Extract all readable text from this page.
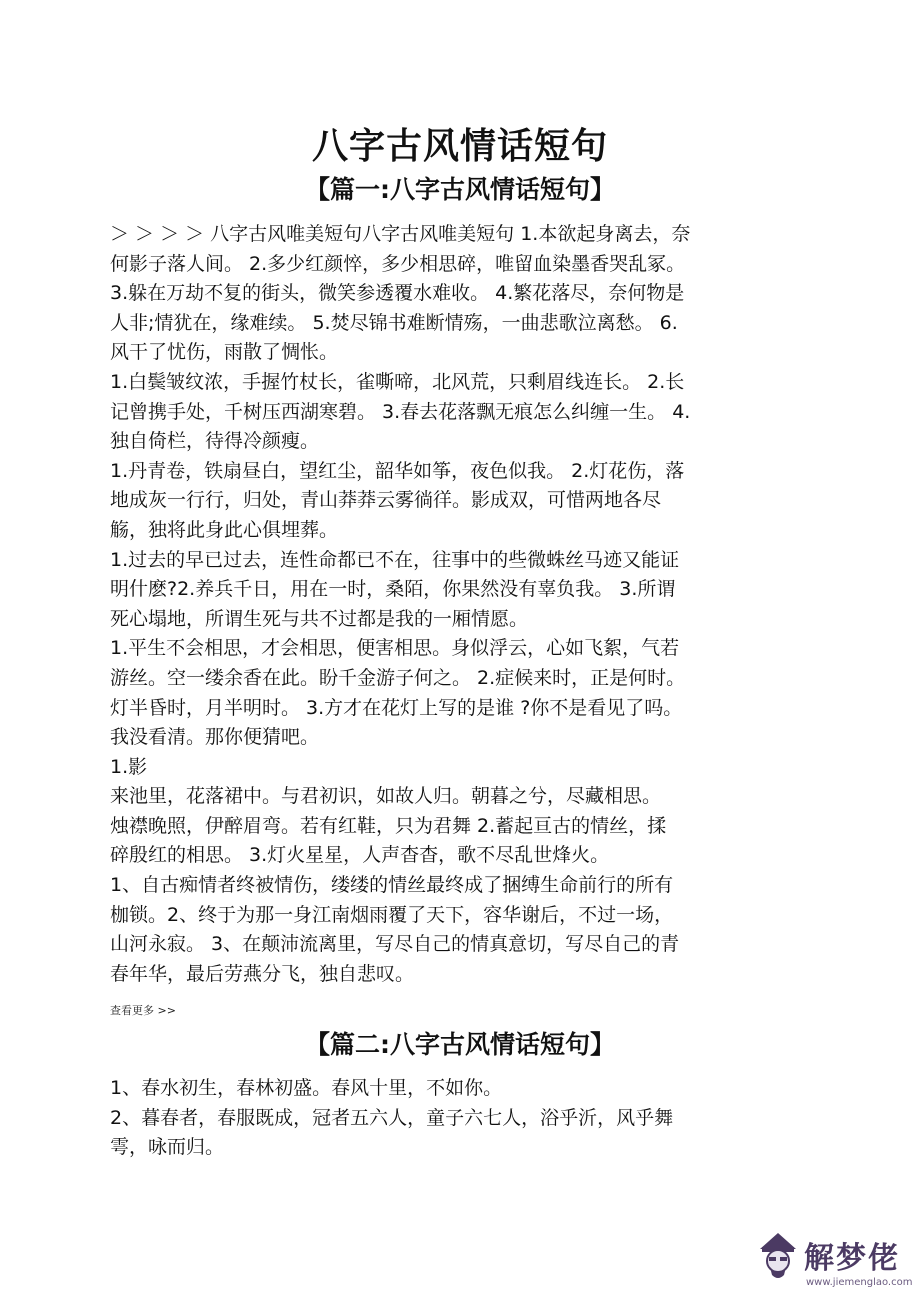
八字古风情话短句
【篇一:八字古风情话短句】
＞ ＞ ＞ ＞ 八字古风唯美短句八字古风唯美短句 1.本欲起身离去，奈
何影子落人间。 2.多少红颜悴，多少相思碎，唯留血染墨香哭乱冢。
3.躲在万劫不复的街头，微笑参透覆水难收。 4.繁花落尽，奈何物是
人非;情犹在，缘难续。 5.焚尽锦书难断情殇，一曲悲歌泣离愁。 6.
风干了忧伤，雨散了惆怅。
1.白鬓皱纹浓，手握竹杖长，雀嘶啼，北风荒，只剩眉线连长。 2.长
记曾携手处，千树压西湖寒碧。 3.春去花落飘无痕怎么纠缠一生。 4.
独自倚栏，待得冷颜瘦。
1.丹青卷，铁扇昼白，望红尘，韶华如筝，夜色似我。 2.灯花伤，落
地成灰一行行，归处，青山莽莽云雾徜徉。影成双，可惜两地各尽
觞，独将此身此心俱埋葬。
1.过去的早已过去，连性命都已不在，往事中的些微蛛丝马迹又能证
明什麽?2.养兵千日，用在一时，桑陌，你果然没有辜负我。 3.所谓
死心塌地，所谓生死与共不过都是我的一厢情愿。
1.平生不会相思，才会相思，便害相思。身似浮云，心如飞絮，气若
游丝。空一缕余香在此。盼千金游子何之。 2.症候来时，正是何时。
灯半昏时，月半明时。 3.方才在花灯上写的是谁 ?你不是看见了吗。
我没看清。那你便猜吧。
1.影
来池里，花落裙中。与君初识，如故人归。朝暮之兮，尽藏相思。
烛襟晚照，伊醉眉弯。若有红鞋，只为君舞 2.蓄起亘古的情丝，揉
碎殷红的相思。 3.灯火星星，人声杳杳，歌不尽乱世烽火。
1、自古痴情者终被情伤，缕缕的情丝最终成了捆缚生命前行的所有
枷锁。2、终于为那一身江南烟雨覆了天下，容华谢后，不过一场，
山河永寂。 3、在颠沛流离里，写尽自己的情真意切，写尽自己的青
春年华，最后劳燕分飞，独自悲叹。
查看更多 >>
【篇二:八字古风情话短句】
1、春水初生，春林初盛。春风十里，不如你。
2、暮春者，春服既成，冠者五六人，童子六七人，浴乎沂，风乎舞
雩，咏而归。
解梦佬
www.jiemenglao.com
